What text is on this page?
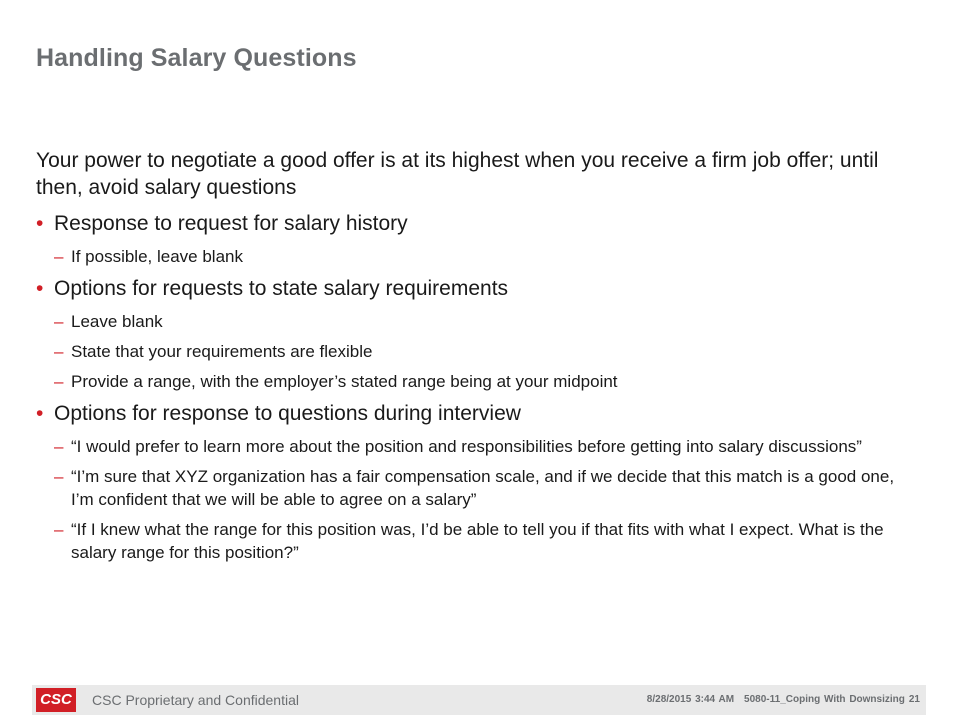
Handling Salary Questions
Your power to negotiate a good offer is at its highest when you receive a firm job offer; until then, avoid salary questions
• Response to request for salary history
– If possible, leave blank
• Options for requests to state salary requirements
– Leave blank
– State that your requirements are flexible
– Provide a range, with the employer’s stated range being at your midpoint
• Options for response to questions during interview
– “I would prefer to learn more about the position and responsibilities before getting into salary discussions”
– “I’m sure that XYZ organization has a fair compensation scale, and if we decide that this match is a good one, I’m confident that we will be able to agree on a salary”
– “If I knew what the range for this position was, I’d be able to tell you if that fits with what I expect. What is the salary range for this position?”
CSC CSC Proprietary and Confidential	8/28/2015 3:44 AM 5080-11_Coping With Downsizing 21
